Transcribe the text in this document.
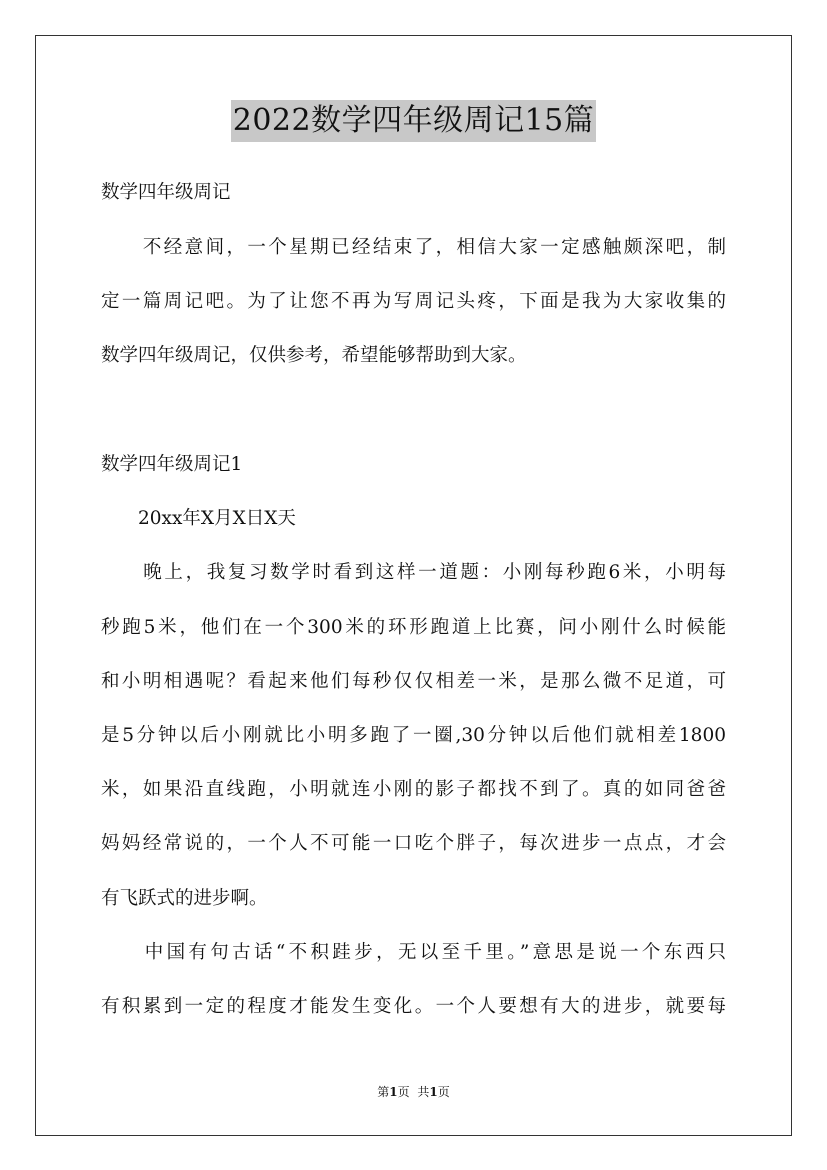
2022数学四年级周记15篇
数学四年级周记
　　不经意间，一个星期已经结束了，相信大家一定感触颇深吧，制
定一篇周记吧。为了让您不再为写周记头疼，下面是我为大家收集的
数学四年级周记，仅供参考，希望能够帮助到大家。
数学四年级周记1
　　20xx年X月X日X天
　　晚上，我复习数学时看到这样一道题：小刚每秒跑6米，小明每
秒跑5米，他们在一个300米的环形跑道上比赛，问小刚什么时候能
和小明相遇呢？看起来他们每秒仅仅相差一米，是那么微不足道，可
是5分钟以后小刚就比小明多跑了一圈,30分钟以后他们就相差1800
米，如果沿直线跑，小明就连小刚的影子都找不到了。真的如同爸爸
妈妈经常说的，一个人不可能一口吃个胖子，每次进步一点点，才会
有飞跃式的进步啊。
　　中国有句古话“不积跬步，无以至千里。”意思是说一个东西只
有积累到一定的程度才能发生变化。一个人要想有大的进步，就要每
第1页 共1页
